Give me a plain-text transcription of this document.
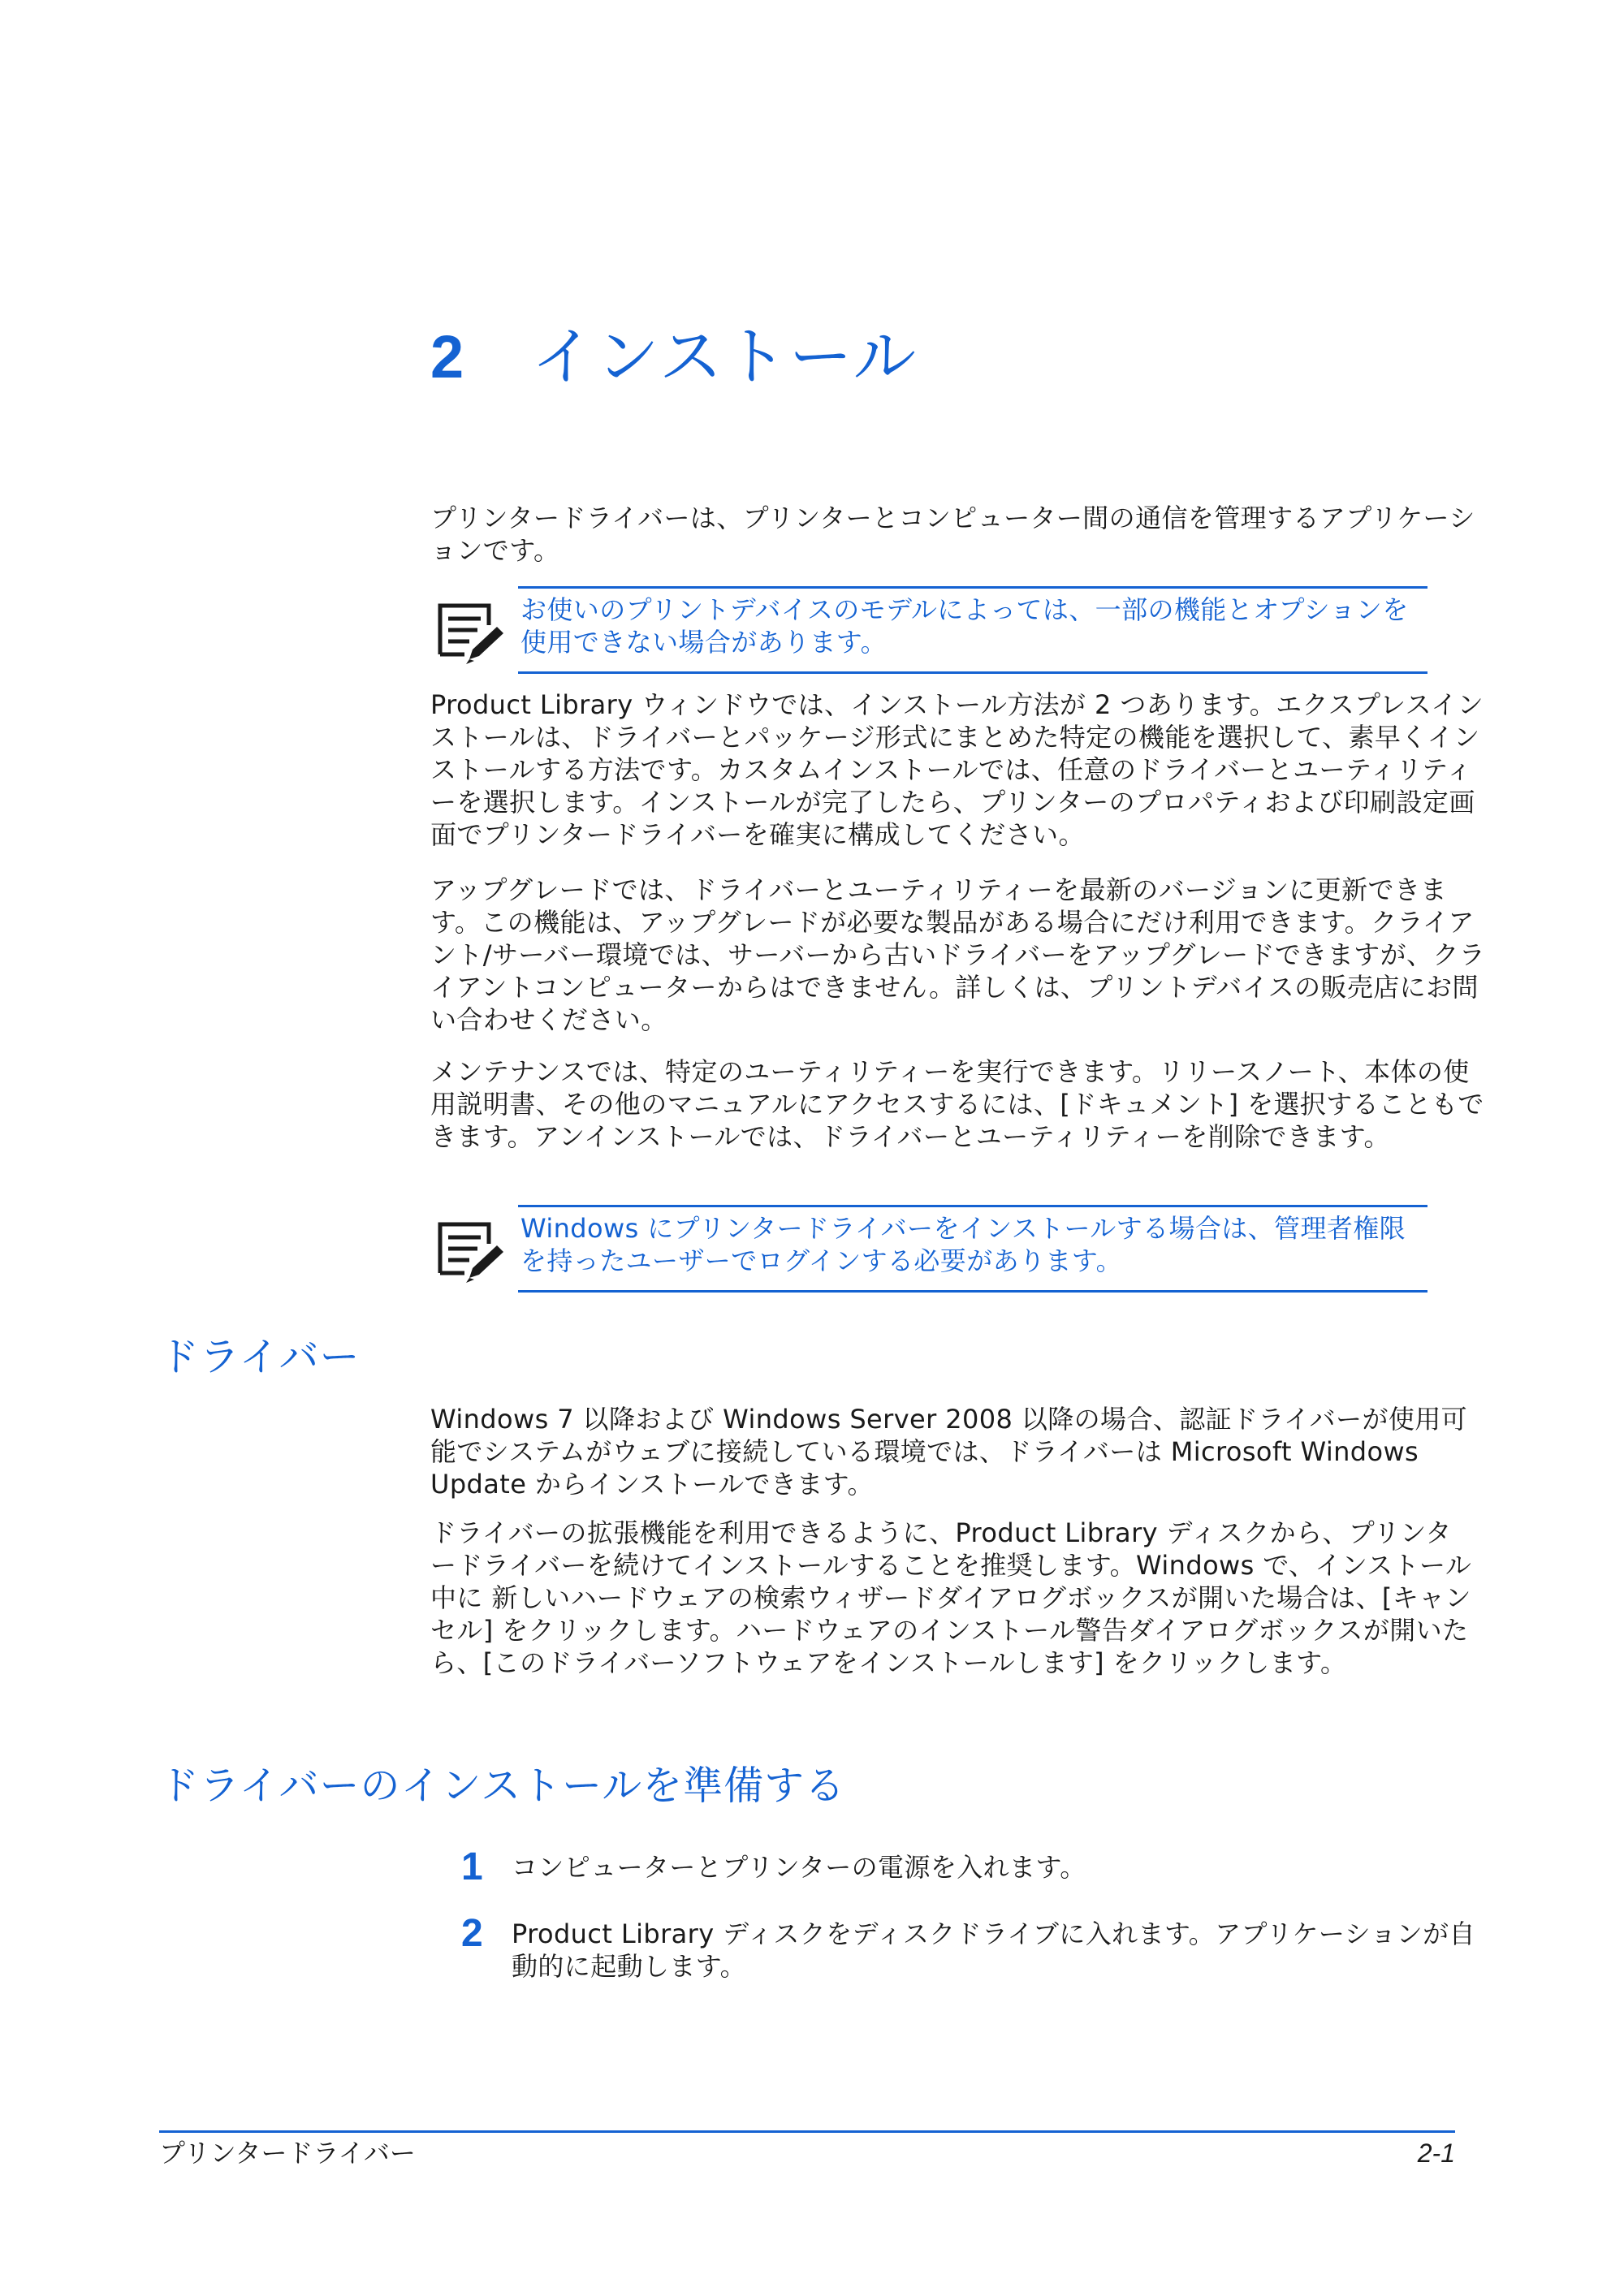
2 インストール

プリンタードライバーは、プリンターとコンピューター間の通信を管理するアプリケーションです。

お使いのプリントデバイスのモデルによっては、一部の機能とオプションを使用できない場合があります。

Product Library ウィンドウでは、インストール方法が 2 つあります。エクスプレスインストールは、ドライバーとパッケージ形式にまとめた特定の機能を選択して、素早くインストールする方法です。カスタムインストールでは、任意のドライバーとユーティリティーを選択します。インストールが完了したら、プリンターのプロパティおよび印刷設定画面でプリンタードライバーを確実に構成してください。

アップグレードでは、ドライバーとユーティリティーを最新のバージョンに更新できます。この機能は、アップグレードが必要な製品がある場合にだけ利用できます。クライアント/サーバー環境では、サーバーから古いドライバーをアップグレードできますが、クライアントコンピューターからはできません。詳しくは、プリントデバイスの販売店にお問い合わせください。

メンテナンスでは、特定のユーティリティーを実行できます。リリースノート、本体の使用説明書、その他のマニュアルにアクセスするには、[ドキュメント] を選択することもできます。アンインストールでは、ドライバーとユーティリティーを削除できます。

Windows にプリンタードライバーをインストールする場合は、管理者権限を持ったユーザーでログインする必要があります。

ドライバー

Windows 7 以降および Windows Server 2008 以降の場合、認証ドライバーが使用可能でシステムがウェブに接続している環境では、ドライバーは Microsoft Windows Update からインストールできます。

ドライバーの拡張機能を利用できるように、Product Library ディスクから、プリンタードライバーを続けてインストールすることを推奨します。Windows で、インストール中に 新しいハードウェアの検索ウィザードダイアログボックスが開いた場合は、[キャンセル] をクリックします。ハードウェアのインストール警告ダイアログボックスが開いたら、[このドライバーソフトウェアをインストールします] をクリックします。

ドライバーのインストールを準備する
1 コンピューターとプリンターの電源を入れます。

2 Product Library ディスクをディスクドライブに入れます。アプリケーションが自動的に起動します。

プリンタードライバー	2-1
